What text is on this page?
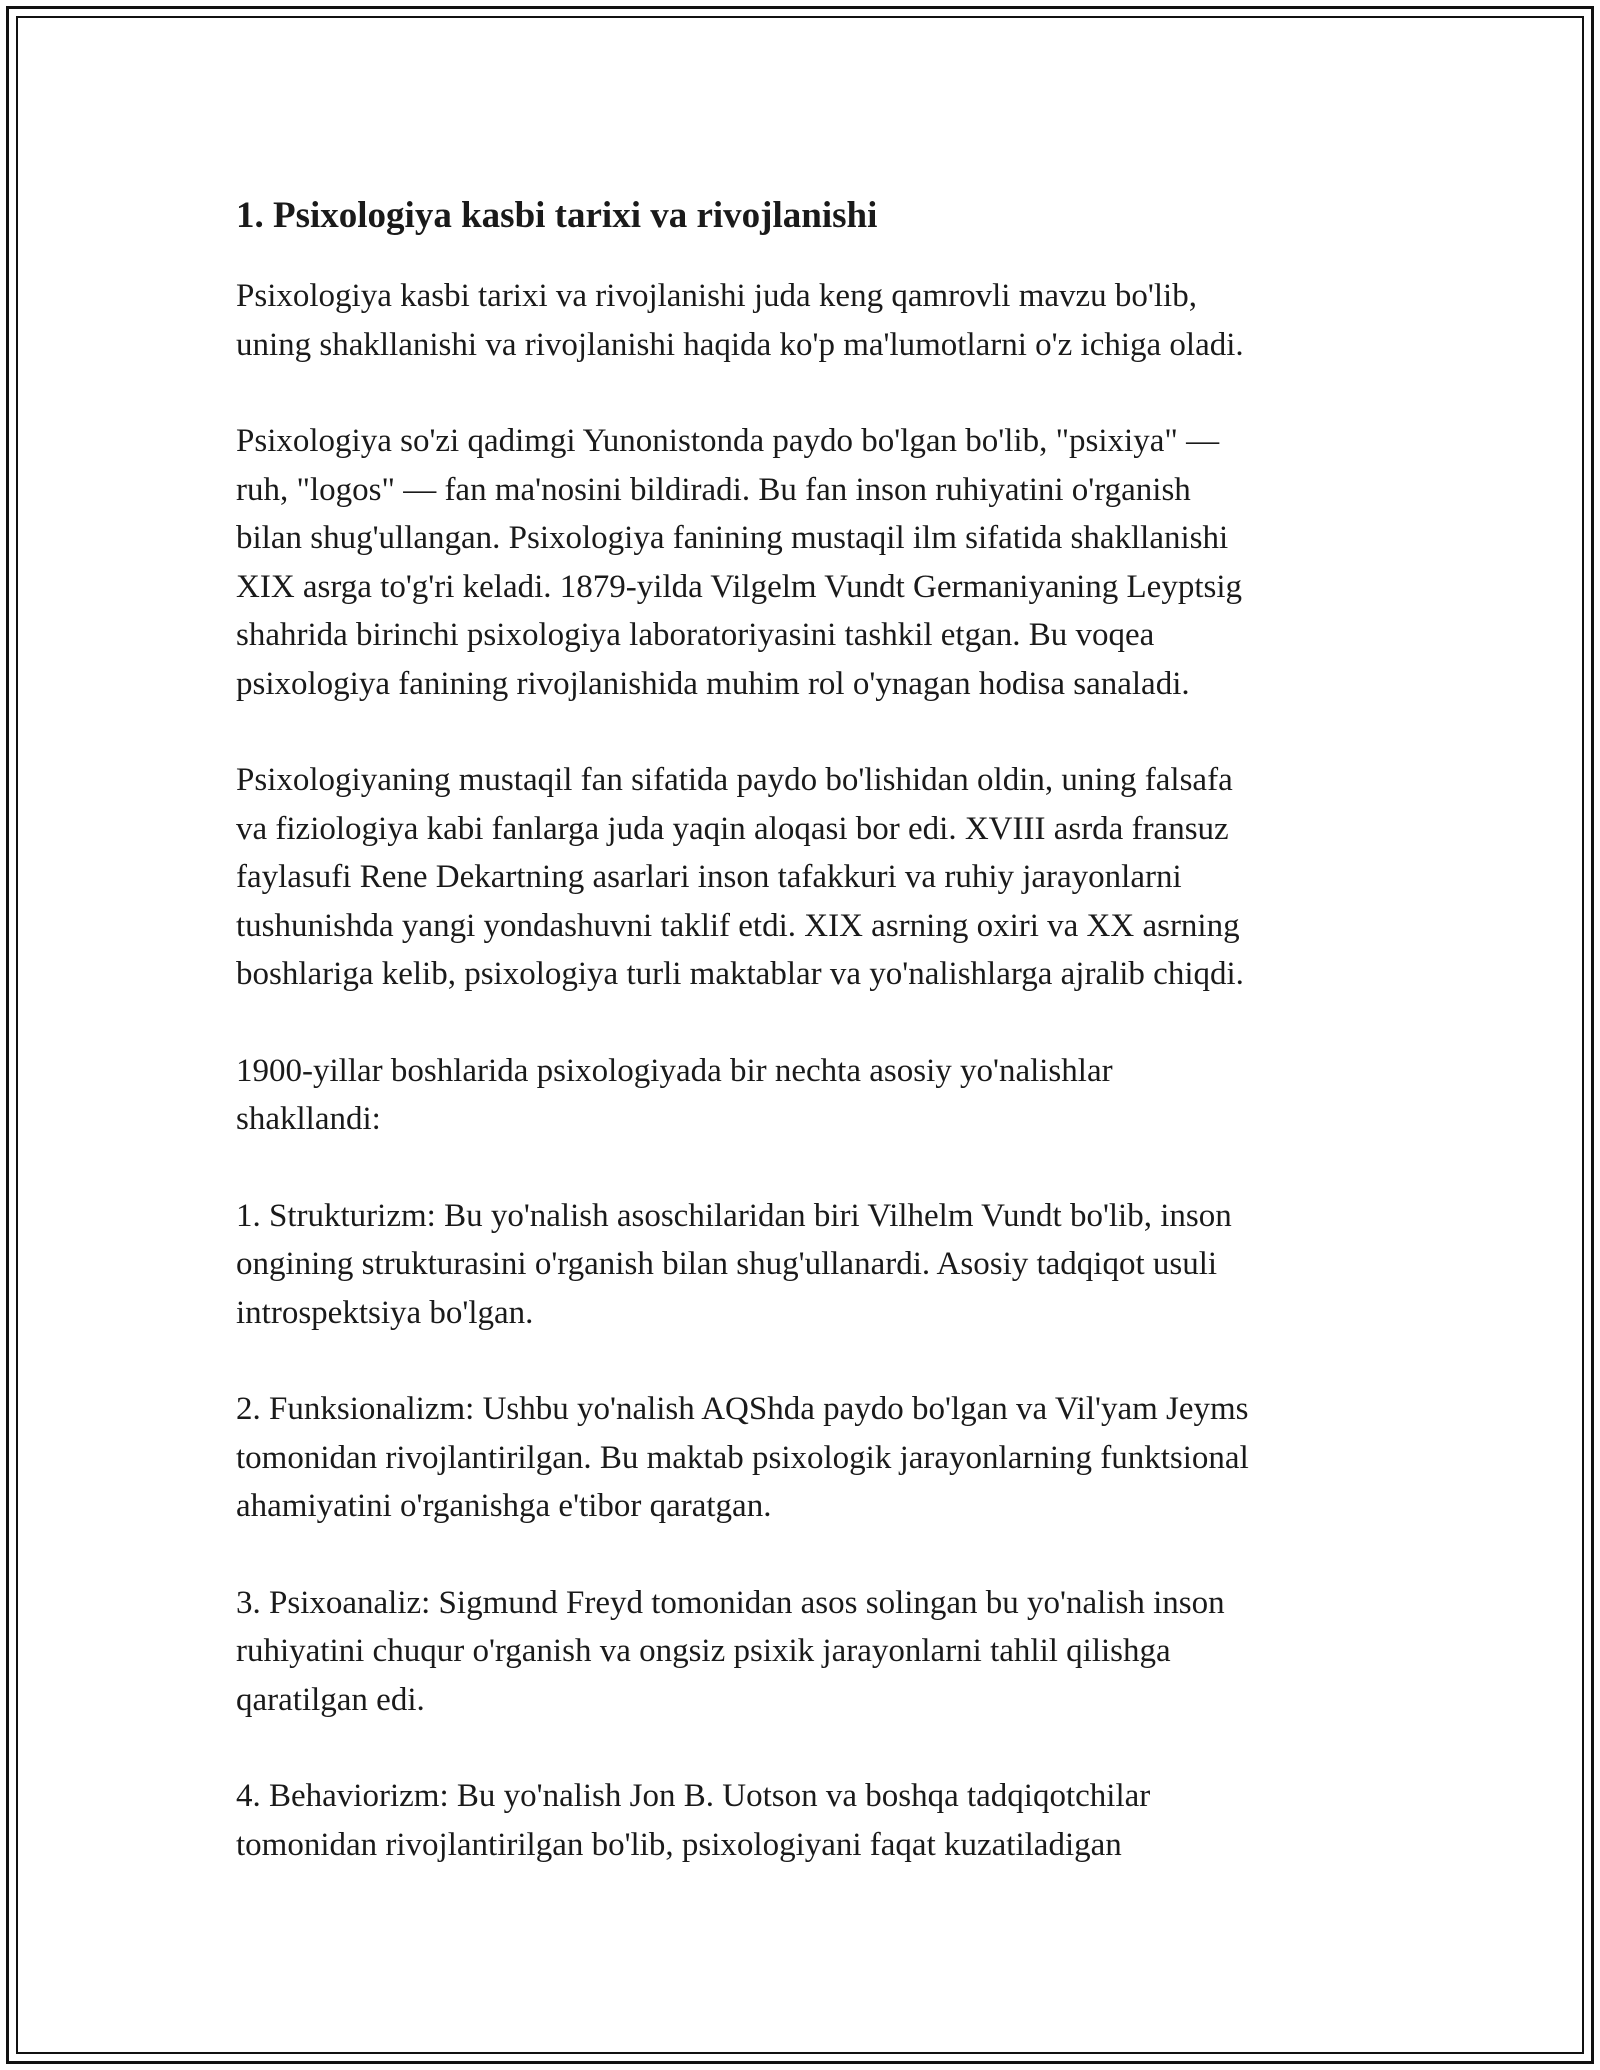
1. Psixologiya kasbi tarixi va rivojlanishi

Psixologiya kasbi tarixi va rivojlanishi juda keng qamrovli mavzu bo'lib,
uning shakllanishi va rivojlanishi haqida ko'p ma'lumotlarni o'z ichiga oladi.

Psixologiya so'zi qadimgi Yunonistonda paydo bo'lgan bo'lib, "psixiya" —
ruh, "logos" — fan ma'nosini bildiradi. Bu fan inson ruhiyatini o'rganish
bilan shug'ullangan. Psixologiya fanining mustaqil ilm sifatida shakllanishi
XIX asrga to'g'ri keladi. 1879-yilda Vilgelm Vundt Germaniyaning Leyptsig
shahrida birinchi psixologiya laboratoriyasini tashkil etgan. Bu voqea
psixologiya fanining rivojlanishida muhim rol o'ynagan hodisa sanaladi.

Psixologiyaning mustaqil fan sifatida paydo bo'lishidan oldin, uning falsafa
va fiziologiya kabi fanlarga juda yaqin aloqasi bor edi. XVIII asrda fransuz
faylasufi Rene Dekartning asarlari inson tafakkuri va ruhiy jarayonlarni
tushunishda yangi yondashuvni taklif etdi. XIX asrning oxiri va XX asrning
boshlariga kelib, psixologiya turli maktablar va yo'nalishlarga ajralib chiqdi.

1900-yillar boshlarida psixologiyada bir nechta asosiy yo'nalishlar
shakllandi:

1. Strukturizm: Bu yo'nalish asoschilaridan biri Vilhelm Vundt bo'lib, inson
ongining strukturasini o'rganish bilan shug'ullanardi. Asosiy tadqiqot usuli
introspektsiya bo'lgan.

2. Funksionalizm: Ushbu yo'nalish AQShda paydo bo'lgan va Vil'yam Jeyms
tomonidan rivojlantirilgan. Bu maktab psixologik jarayonlarning funktsional
ahamiyatini o'rganishga e'tibor qaratgan.

3. Psixoanaliz: Sigmund Freyd tomonidan asos solingan bu yo'nalish inson
ruhiyatini chuqur o'rganish va ongsiz psixik jarayonlarni tahlil qilishga
qaratilgan edi.

4. Behaviorizm: Bu yo'nalish Jon B. Uotson va boshqa tadqiqotchilar
tomonidan rivojlantirilgan bo'lib, psixologiyani faqat kuzatiladigan
